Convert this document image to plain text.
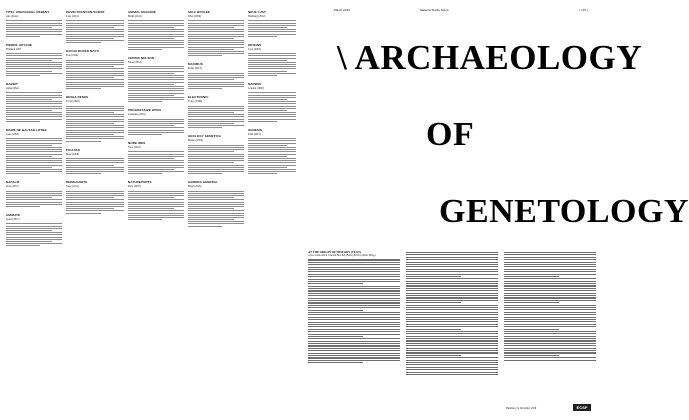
TITEL HOEFNAGEL REBENT
Ana (Deso)
PIERRE HUYGHE
Filament 1967
RABBIT
Isanne (Bez)
MAWE NE BALSAB LOTBE
Geso (1993)
NAPALM
Rota (2015)
ANIMATE
Sonia (2017)
KEVIN FRANCON SCIENT
Lana (2012)
SACHA ROZEN MAYO
Pole (1990)
DESEA DESEE
Fosse (2009)
PICASSO
Mole (2008)
REIMAGNOTE
Neue (2011)
ANIMAL MACHINE
Berlin (2011)
CEDRIC NELSON
Faber (2014)
PROGRESSIVE OPEN
Lausanne (2016)
NORE IRES
Nora (2010)
NATUREPONTE
Paris (2007)
SELF BOULEE
Wien (2000)
MAXIMUS
Roma (2013)
ELECTRONIC
Tokyo (1999)
GEOLOGY GENETICA
Milano (2004)
SAMORA GENERAL
Basel (2016)
NEUE LUST
Hamburg (2012)
ORIGINE
Lyon (2005)
DARWIN
London (1998)
GENESIS
Köln (2015)
March 2019	Material Textile Scent	( 107 )
\ ARCHAEOLOGY
OF
GENETOLOGY
AT THE ORIGIN OF HISTORY (TEXT)
A few words about Chantal Brochet (Paris) Pereira (Paul Tiling)
Hamburg 24 December 2018	ECSP
